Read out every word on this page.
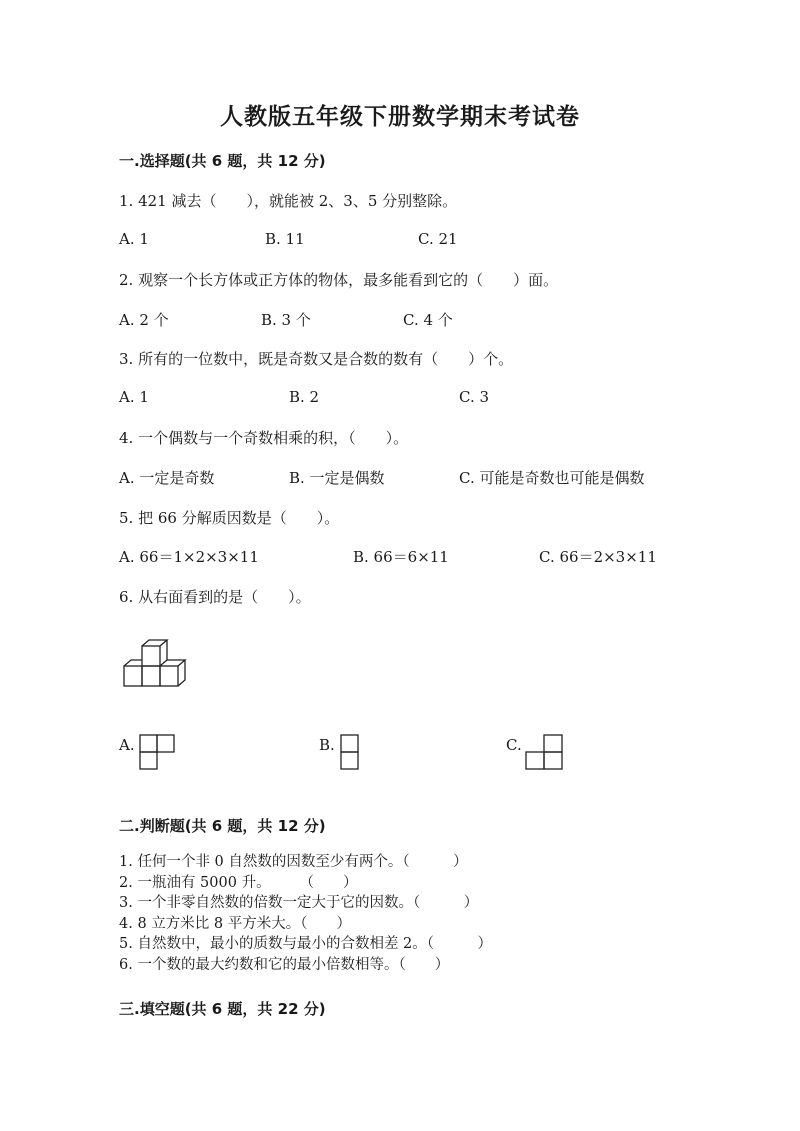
人教版五年级下册数学期末考试卷
一.选择题(共 6 题，共 12 分)
1. 421 减去（　　），就能被 2、3、5 分别整除。
A. 1	B. 11	C. 21
2. 观察一个长方体或正方体的物体，最多能看到它的（　　）面。
A. 2 个	B. 3 个	C. 4 个
3. 所有的一位数中，既是奇数又是合数的数有（　　）个。
A. 1	B. 2	C. 3
4. 一个偶数与一个奇数相乘的积，（　　）。
A. 一定是奇数	B. 一定是偶数	C. 可能是奇数也可能是偶数
5. 把 66 分解质因数是（　　）。
A. 66＝1×2×3×11	B. 66＝6×11	C. 66＝2×3×11
6. 从右面看到的是（　　）。
A.	B.	C.
二.判断题(共 6 题，共 12 分)
1. 任何一个非 0 自然数的因数至少有两个。（　　　）
2. 一瓶油有 5000 升。　　　（　　）
3. 一个非零自然数的倍数一定大于它的因数。（　　　）
4. 8 立方米比 8 平方米大。（　　）
5. 自然数中，最小的质数与最小的合数相差 2。（　　　）
6. 一个数的最大约数和它的最小倍数相等。（　　）
三.填空题(共 6 题，共 22 分)
